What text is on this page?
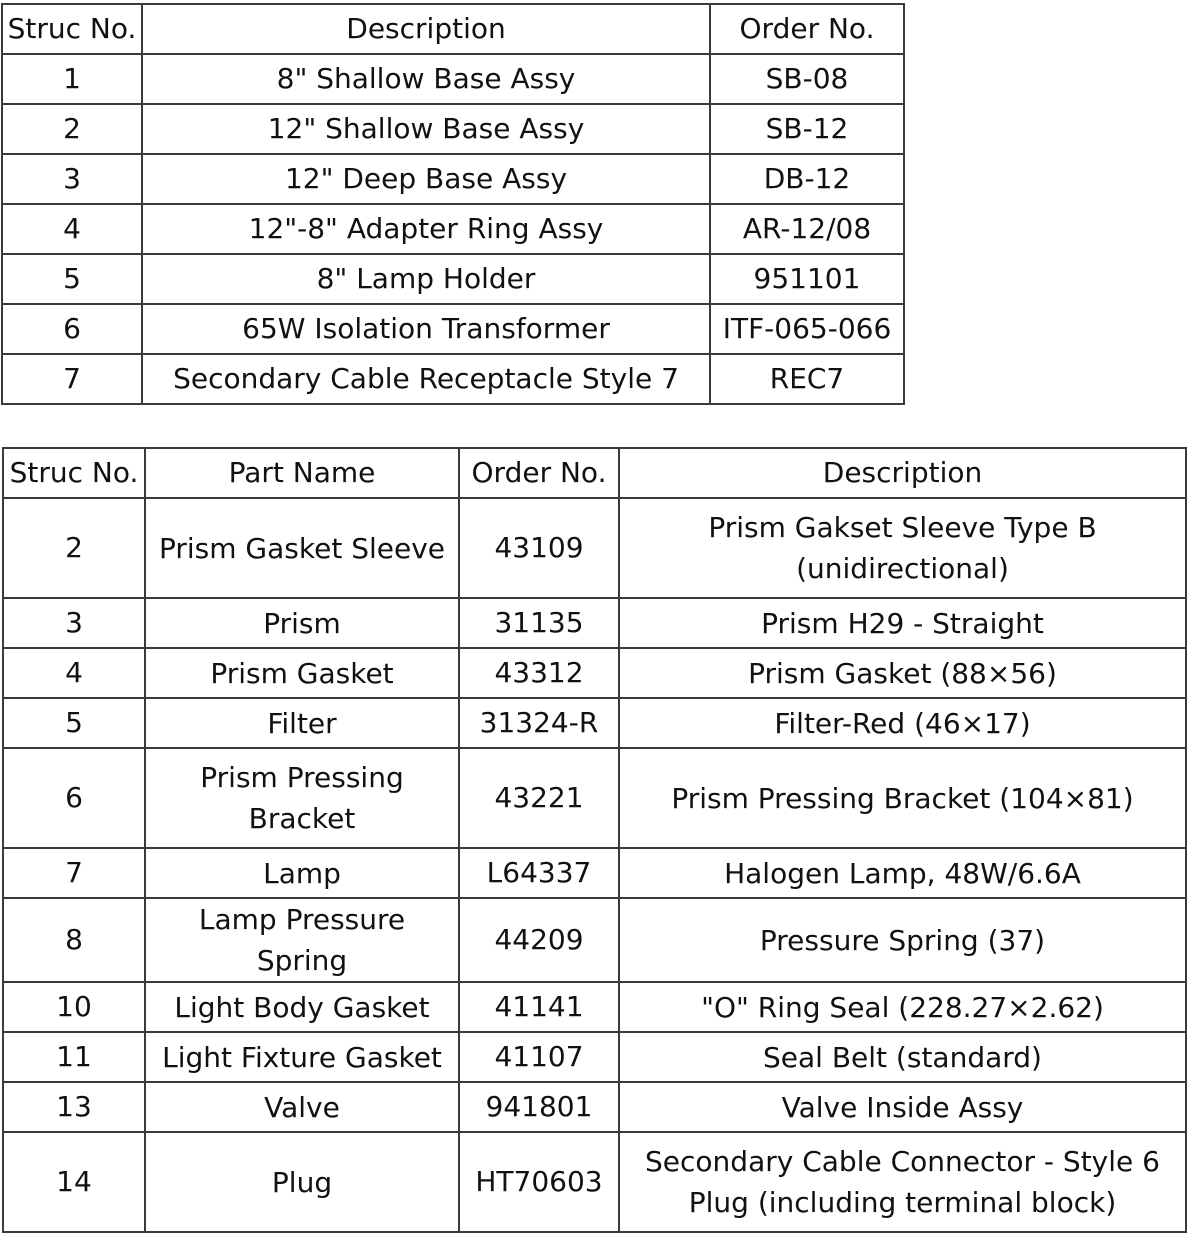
Struc No.	Description	Order No.
1	8" Shallow Base Assy	SB-08
2	12" Shallow Base Assy	SB-12
3	12" Deep Base Assy	DB-12
4	12"-8" Adapter Ring Assy	AR-12/08
5	8" Lamp Holder	951101
6	65W Isolation Transformer	ITF-065-066
7	Secondary Cable Receptacle Style 7	REC7
Struc No.	Part Name	Order No.	Description
2	Prism Gasket Sleeve	43109	Prism Gakset Sleeve Type B
(unidirectional)
3	Prism	31135	Prism H29 - Straight
4	Prism Gasket	43312	Prism Gasket (88×56)
5	Filter	31324-R	Filter-Red (46×17)
6	Prism Pressing
Bracket	43221	Prism Pressing Bracket (104×81)
7	Lamp	L64337	Halogen Lamp, 48W/6.6A
8	Lamp Pressure Spring	44209	Pressure Spring (37)
10	Light Body Gasket	41141	"O" Ring Seal (228.27×2.62)
11	Light Fixture Gasket	41107	Seal Belt (standard)
13	Valve	941801	Valve Inside Assy
14	Plug	HT70603	Secondary Cable Connector - Style 6
Plug (including terminal block)
